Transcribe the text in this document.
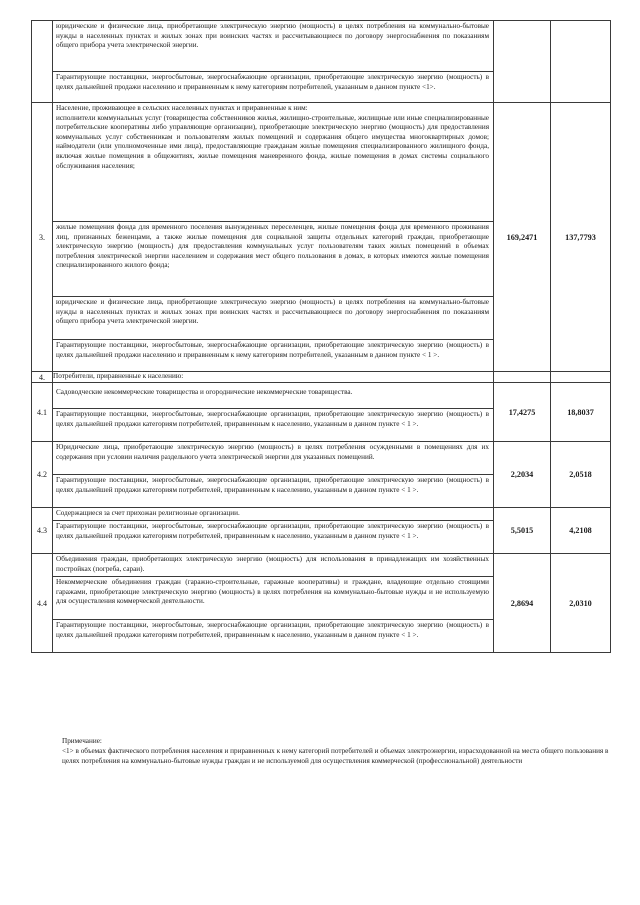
	юридические и физические лица, приобретающие электрическую энергию (мощность) в целях потребления на коммунально-бытовые нужды в населенных пунктах и жилых зонах при воинских частях и рассчитывающиеся по договору энергоснабжения по показаниям общего прибора учета электрической энергии.
Гарантирующие поставщики, энергосбытовые, энергоснабжающие организации, приобретающие электрическую энергию (мощность) в целях дальнейшей продажи населению и приравненным к нему категориям потребителей, указанным в данном пункте <1>.		

3.	Население, проживающее в сельских населенных пунктах и приравненные к ним:
исполнители коммунальных услуг (товарищества собственников жилья, жилищно-строительные, жилищные или иные специализированные потребительские кооперативы либо управляющие организации), приобретающие электрическую энергию (мощность) для предоставления коммунальных услуг собственникам и пользователям жилых помещений и содержания общего имущества многоквартирных домов; наймодатели (или уполномоченные ими лица), предоставляющие гражданам жилые помещения специализированного жилищного фонда, включая жилые помещения в общежитиях, жилые помещения маневренного фонда, жилые помещения в домах системы социального обслуживания населения;
жилые помещения фонда для временного поселения вынужденных переселенцев, жилые помещения фонда для временного проживания лиц, признанных беженцами, а также жилые помещения для социальной защиты отдельных категорий граждан, приобретающие электрическую энергию (мощность) для предоставления коммунальных услуг пользователям таких жилых помещений в объемах потребления электрической энергии населением и содержания мест общего пользования в домах, в которых имеются жилые помещения специализированного жилого фонда;
юридические и физические лица, приобретающие электрическую энергию (мощность) в целях потребления на коммунально-бытовые нужды в населенных пунктах и жилых зонах при воинских частях и рассчитывающиеся по договору энергоснабжения по показаниям общего прибора учета электрической энергии.
Гарантирующие поставщики, энергосбытовые, энергоснабжающие организации, приобретающие электрическую энергию (мощность) в целях дальнейшей продажи населению и приравненным к нему категориям потребителей, указанным в данном пункте < 1 >.	169,2471	137,7793
4.	Потребители, приравненные к населению:		
4.1	Садоводческие некоммерческие товарищества и огороднические некоммерческие товарищества.
Гарантирующие поставщики, энергосбытовые, энергоснабжающие организации, приобретающие электрическую энергию (мощность) в целях дальнейшей продажи категориям потребителей, приравненным к населению, указанным в данном пункте < 1 >.	17,4275	18,8037
4.2	Юридические лица, приобретающие электрическую энергию (мощность) в целях потребления осужденными в помещениях для их содержания при условии наличия раздельного учета электрической энергии для указанных помещений.
Гарантирующие поставщики, энергосбытовые, энергоснабжающие организации, приобретающие электрическую энергию (мощность) в целях дальнейшей продажи категориям потребителей, приравненным к населению, указанным в данном пункте < 1 >.	2,2034	2,0518
4.3	Содержащиеся за счет прихожан религиозные организации.
Гарантирующие поставщики, энергосбытовые, энергоснабжающие организации, приобретающие электрическую энергию (мощность) в целях дальнейшей продажи категориям потребителей, приравненным к населению, указанным в данном пункте < 1 >.	5,5015	4,2108
4.4	Объединения граждан, приобретающих электрическую энергию (мощность) для использования в принадлежащих им хозяйственных постройках (погреба, сараи).
Некоммерческие объединения граждан (гаражно-строительные, гаражные кооперативы) и граждане, владеющие отдельно стоящими гаражами, приобретающие электрическую энергию (мощность) в целях потребления на коммунально-бытовые нужды и не используемую для осуществления коммерческой деятельности.
Гарантирующие поставщики, энергосбытовые, энергоснабжающие организации, приобретающие электрическую энергию (мощность) в целях дальнейшей продажи категориям потребителей, приравненным к населению, указанным в данном пункте < 1 >.	2,8694	2,0310

Примечание:

<1> в объемах фактического потребления населения и приравненных к нему категорий потребителей и объемах электроэнергии, израсходованной на места общего пользования в целях потребления на коммунально-бытовые нужды граждан и не используемой для осуществления коммерческой (профессиональной) деятельности
